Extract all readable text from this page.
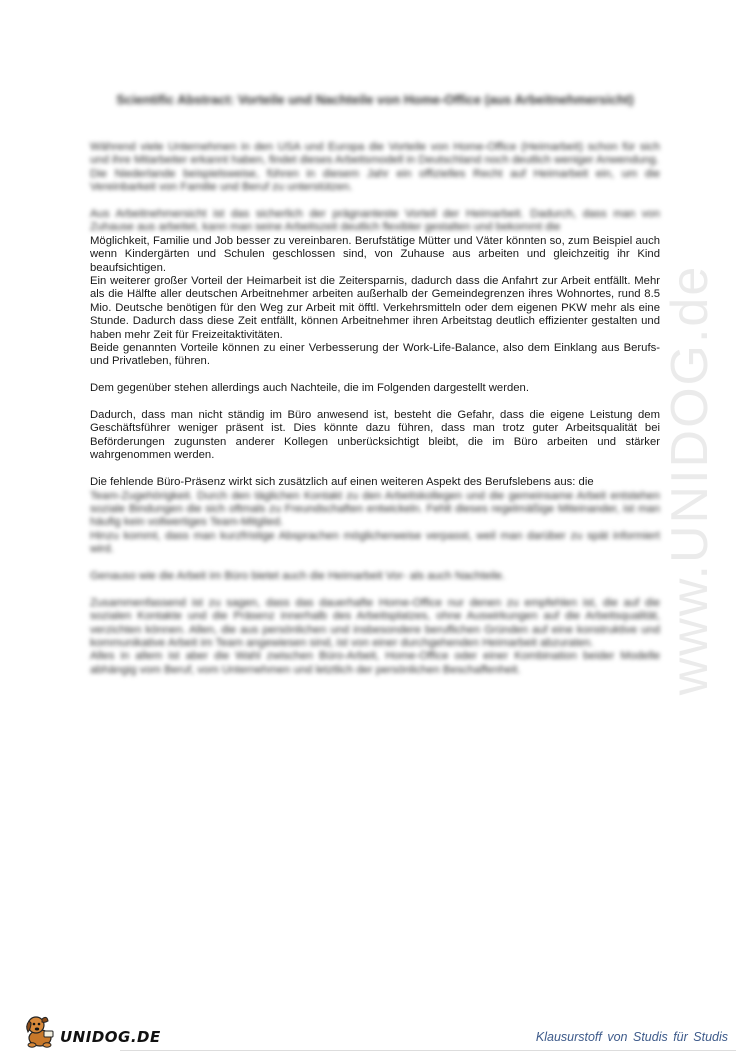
www.UNIDOG.de
Scientific Abstract: Vorteile und Nachteile von Home-Office (aus Arbeitnehmersicht)

Während viele Unternehmen in den USA und Europa die Vorteile von Home-Office (Heimarbeit) schon für sich und ihre Mitarbeiter erkannt haben, findet dieses Arbeitsmodell in Deutschland noch deutlich weniger Anwendung.

Die Niederlande beispielsweise, führen in diesem Jahr ein offizielles Recht auf Heimarbeit ein, um die Vereinbarkeit von Familie und Beruf zu unterstützen.

Aus Arbeitnehmersicht ist das sicherlich der prägnanteste Vorteil der Heimarbeit. Dadurch, dass man von Zuhause aus arbeitet, kann man seine Arbeitszeit deutlich flexibler gestalten und bekommt die

Möglichkeit, Familie und Job besser zu vereinbaren. Berufstätige Mütter und Väter könnten so, zum Beispiel auch wenn Kindergärten und Schulen geschlossen sind, von Zuhause aus arbeiten und gleichzeitig ihr Kind beaufsichtigen.

Ein weiterer großer Vorteil der Heimarbeit ist die Zeitersparnis, dadurch dass die Anfahrt zur Arbeit entfällt. Mehr als die Hälfte aller deutschen Arbeitnehmer arbeiten außerhalb der Gemeindegrenzen ihres Wohnortes, rund 8.5 Mio. Deutsche benötigen für den Weg zur Arbeit mit öfftl. Verkehrsmitteln oder dem eigenen PKW mehr als eine Stunde. Dadurch dass diese Zeit entfällt, können Arbeitnehmer ihren Arbeitstag deutlich effizienter gestalten und haben mehr Zeit für Freizeitaktivitäten.

Beide genannten Vorteile können zu einer Verbesserung der Work-Life-Balance, also dem Einklang aus Berufs- und Privatleben, führen.

Dem gegenüber stehen allerdings auch Nachteile, die im Folgenden dargestellt werden.

Dadurch, dass man nicht ständig im Büro anwesend ist, besteht die Gefahr, dass die eigene Leistung dem Geschäftsführer weniger präsent ist. Dies könnte dazu führen, dass man trotz guter Arbeitsqualität bei Beförderungen zugunsten anderer Kollegen unberücksichtigt bleibt, die im Büro arbeiten und stärker wahrgenommen werden.

Die fehlende Büro-Präsenz wirkt sich zusätzlich auf einen weiteren Aspekt des Berufslebens aus: die

Team-Zugehörigkeit. Durch den täglichen Kontakt zu den Arbeitskollegen und die gemeinsame Arbeit entstehen soziale Bindungen die sich oftmals zu Freundschaften entwickeln. Fehlt dieses regelmäßige Miteinander, ist man häufig kein vollwertiges Team-Mitglied.

Hinzu kommt, dass man kurzfristige Absprachen möglicherweise verpasst, weil man darüber zu spät informiert wird.

Genauso wie die Arbeit im Büro bietet auch die Heimarbeit Vor- als auch Nachteile.

Zusammenfassend ist zu sagen, dass das dauerhafte Home-Office nur denen zu empfehlen ist, die auf die sozialen Kontakte und die Präsenz innerhalb des Arbeitsplatzes, ohne Auswirkungen auf die Arbeitsqualität, verzichten können. Allen, die aus persönlichen und insbesondere beruflichen Gründen auf eine konstruktive und kommunikative Arbeit im Team angewiesen sind, ist von einer durchgehenden Heimarbeit abzuraten.

Alles in allem ist aber die Wahl zwischen Büro-Arbeit, Home-Office oder einer Kombination beider Modelle abhängig vom Beruf, vom Unternehmen und letztlich der persönlichen Beschaffenheit.

UNIDOG.DE	Klausurstoff von Studis für Studis
